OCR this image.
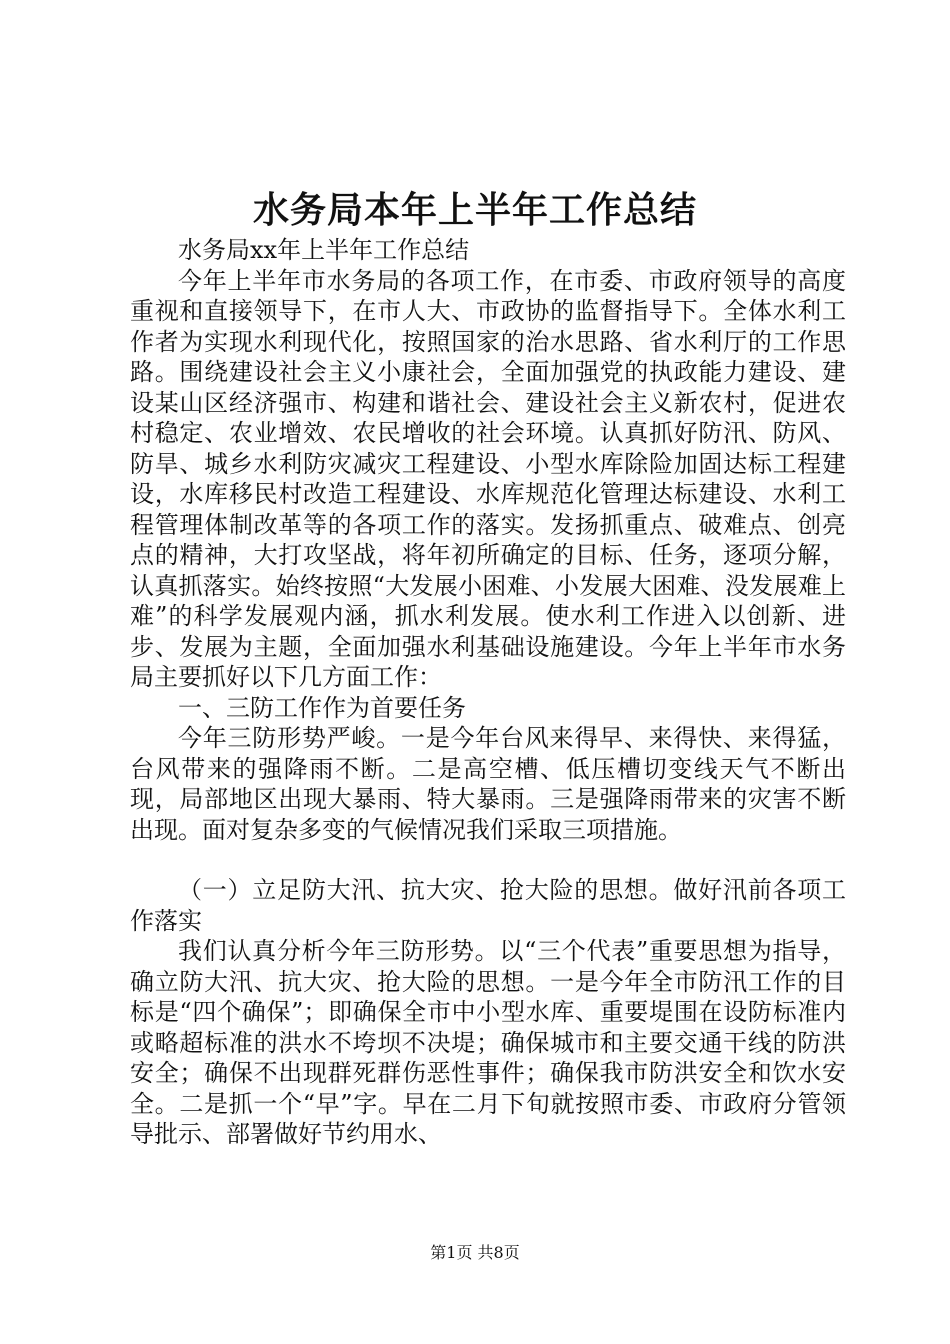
水务局本年上半年工作总结

水务局xx年上半年工作总结

今年上半年市水务局的各项工作，在市委、市政府领导的高度重视和直接领导下，在市人大、市政协的监督指导下。全体水利工作者为实现水利现代化，按照国家的治水思路、省水利厅的工作思路。围绕建设社会主义小康社会，全面加强党的执政能力建设、建设某山区经济强市、构建和谐社会、建设社会主义新农村，促进农村稳定、农业增效、农民增收的社会环境。认真抓好防汛、防风、防旱、城乡水利防灾减灾工程建设、小型水库除险加固达标工程建设，水库移民村改造工程建设、水库规范化管理达标建设、水利工程管理体制改革等的各项工作的落实。发扬抓重点、破难点、创亮点的精神，大打攻坚战，将年初所确定的目标、任务，逐项分解，认真抓落实。始终按照“大发展小困难、小发展大困难、没发展难上难”的科学发展观内涵，抓水利发展。使水利工作进入以创新、进步、发展为主题，全面加强水利基础设施建设。今年上半年市水务局主要抓好以下几方面工作：

一、三防工作作为首要任务

今年三防形势严峻。一是今年台风来得早、来得快、来得猛，台风带来的强降雨不断。二是高空槽、低压槽切变线天气不断出现，局部地区出现大暴雨、特大暴雨。三是强降雨带来的灾害不断出现。面对复杂多变的气候情况我们采取三项措施。

（一）立足防大汛、抗大灾、抢大险的思想。做好汛前各项工作落实

我们认真分析今年三防形势。以“三个代表”重要思想为指导，确立防大汛、抗大灾、抢大险的思想。一是今年全市防汛工作的目标是“四个确保”；即确保全市中小型水库、重要堤围在设防标准内或略超标准的洪水不垮坝不决堤；确保城市和主要交通干线的防洪安全；确保不出现群死群伤恶性事件；确保我市防洪安全和饮水安全。二是抓一个“早”字。早在二月下旬就按照市委、市政府分管领导批示、部署做好节约用水、

第1页 共8页
